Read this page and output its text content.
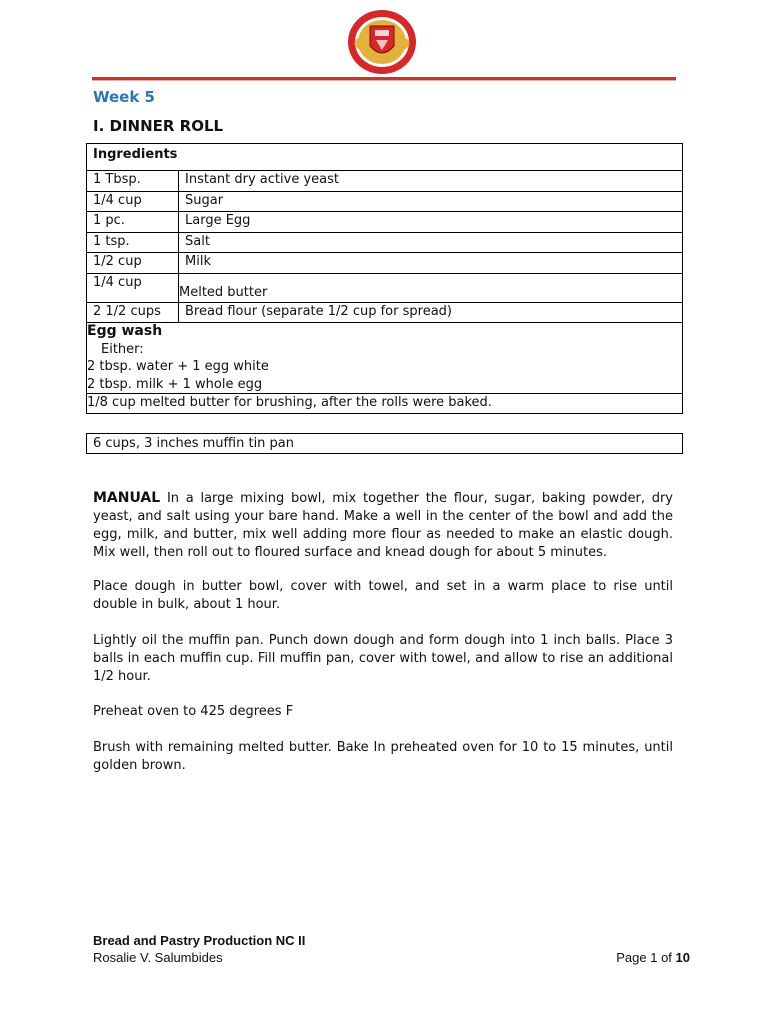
Week 5
I. DINNER ROLL
Ingredients	
1 Tbsp.	Instant dry active yeast
1/4 cup	Sugar
1 pc.	Large Egg
1 tsp.	Salt
1/2 cup	Milk
1/4 cup	Melted butter
2 1/2 cups	Bread flour (separate 1/2 cup for spread)

Egg wash
Either:
2 tbsp. water + 1 egg white
2 tbsp. milk + 1 whole egg	

1/8 cup melted butter for brushing, after the rolls were baked.	
6 cups, 3 inches muffin tin pan
MANUAL In a large mixing bowl, mix together the flour, sugar, baking powder, dry yeast, and salt using your bare hand. Make a well in the center of the bowl and add the egg, milk, and butter, mix well adding more flour as needed to make an elastic dough. Mix well, then roll out to floured surface and knead dough for about 5 minutes.
Place dough in butter bowl, cover with towel, and set in a warm place to rise until double in bulk, about 1 hour.
Lightly oil the muffin pan. Punch down dough and form dough into 1 inch balls. Place 3 balls in each muffin cup. Fill muffin pan, cover with towel, and allow to rise an additional 1/2 hour.
Preheat oven to 425 degrees F
Brush with remaining melted butter. Bake In preheated oven for 10 to 15 minutes, until golden brown.
Bread and Pastry Production NC II
Rosalie V. Salumbides	Page 1 of 10
